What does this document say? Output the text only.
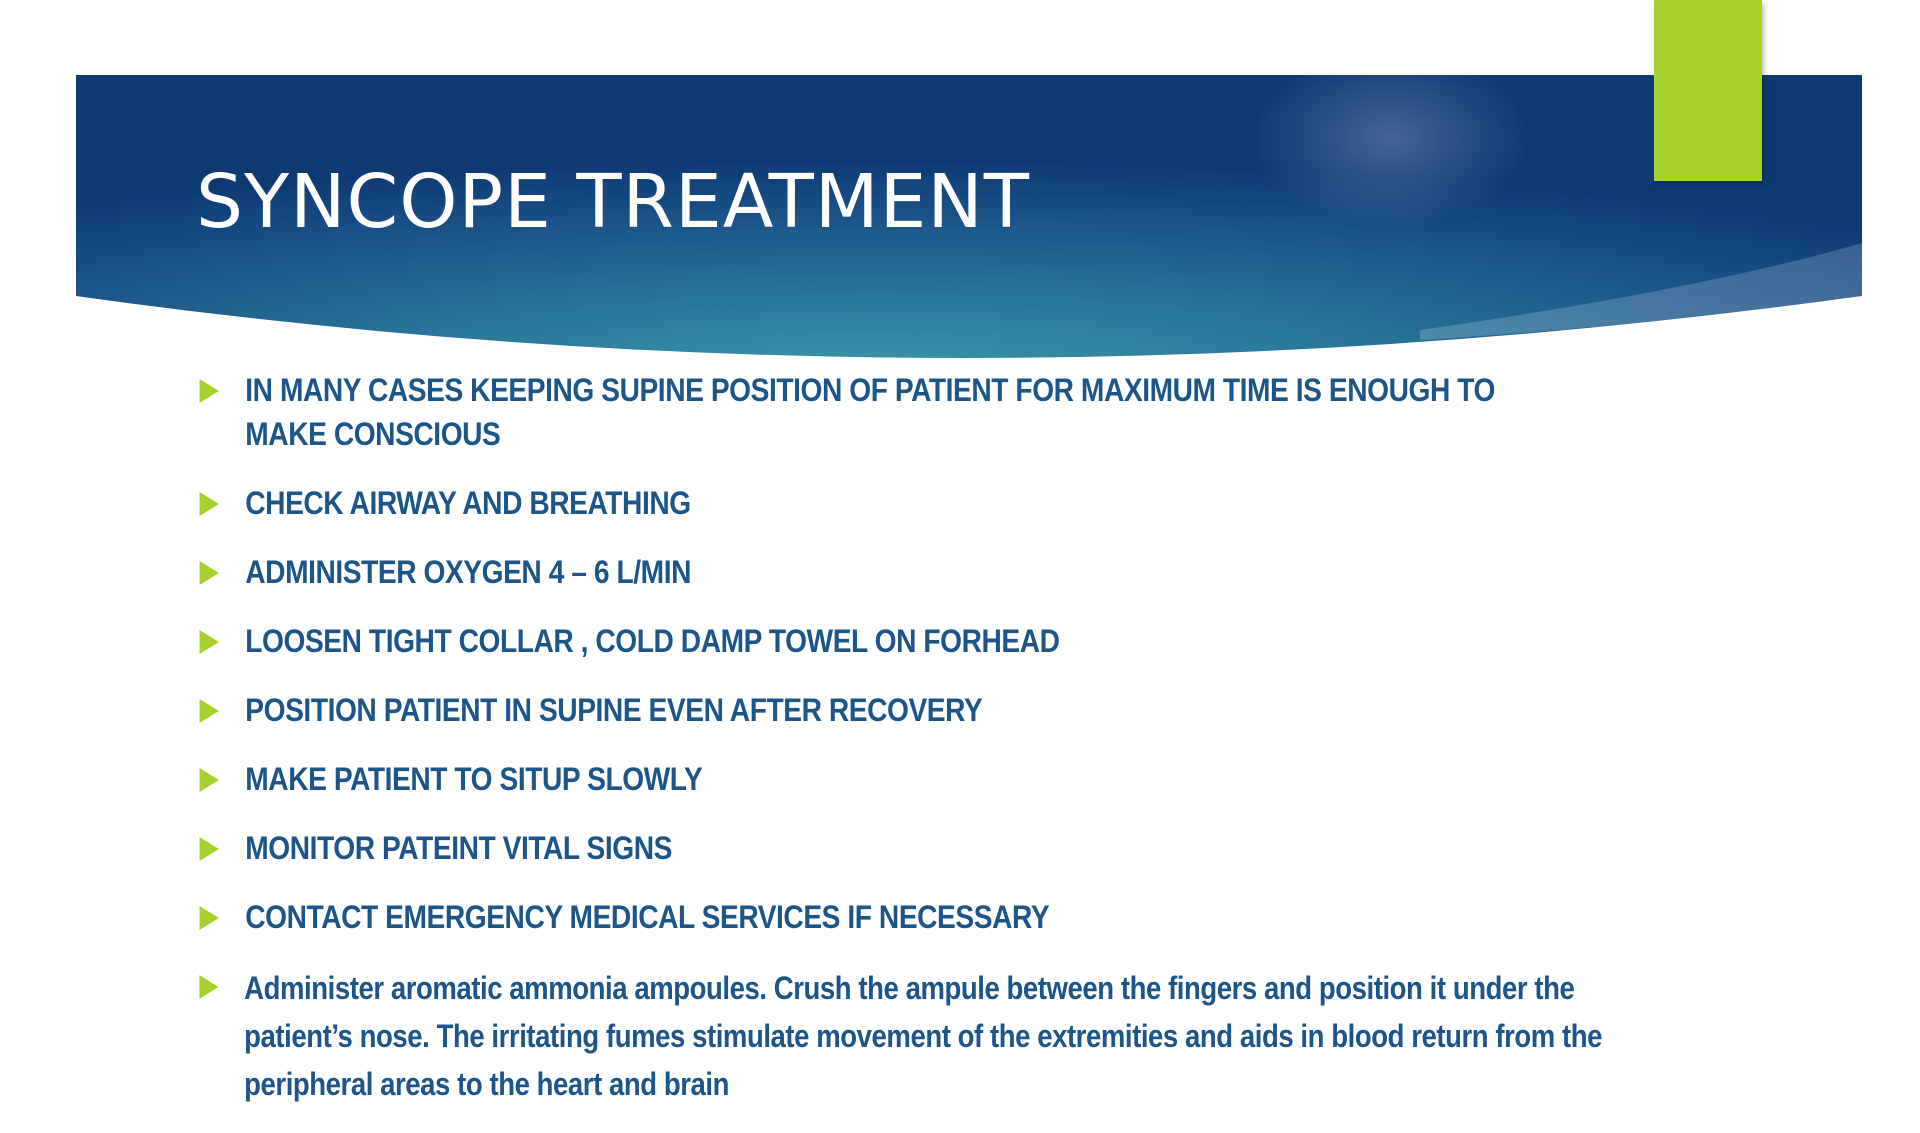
SYNCOPE TREATMENT
IN MANY CASES KEEPING SUPINE POSITION OF PATIENT FOR MAXIMUM TIME IS ENOUGH TO MAKE CONSCIOUS
CHECK AIRWAY AND BREATHING
ADMINISTER OXYGEN 4 – 6 L/MIN
LOOSEN TIGHT COLLAR , COLD DAMP TOWEL ON FORHEAD
POSITION PATIENT IN SUPINE EVEN AFTER RECOVERY
MAKE PATIENT TO SITUP SLOWLY
MONITOR PATEINT VITAL SIGNS
CONTACT EMERGENCY MEDICAL SERVICES IF NECESSARY
Administer aromatic ammonia ampoules. Crush the ampule between the fingers and position it under the patient’s nose. The irritating fumes stimulate movement of the extremities and aids in blood return from the peripheral areas to the heart and brain
